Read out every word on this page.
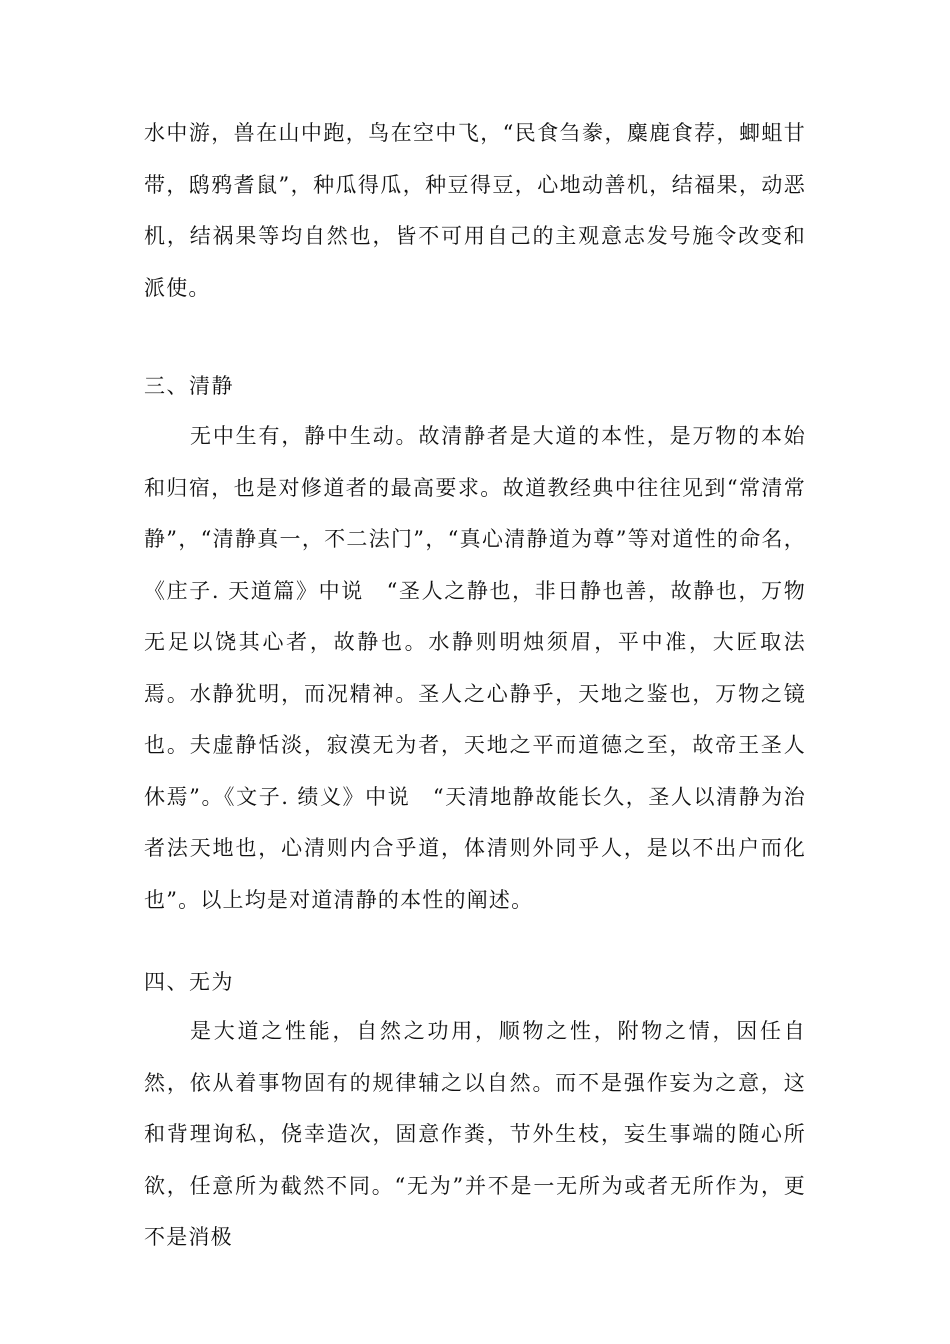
水中游，兽在山中跑，鸟在空中飞，“民食刍豢，麋鹿食荐，蝍蛆甘带，鸱鸦耆鼠”，种瓜得瓜，种豆得豆，心地动善机，结福果，动恶机，结祸果等均自然也，皆不可用自己的主观意志发号施令改变和派使。

三、清静

无中生有，静中生动。故清静者是大道的本性，是万物的本始和归宿，也是对修道者的最高要求。故道教经典中往往见到“常清常静”，“清静真一，不二法门”，“真心清静道为尊”等对道性的命名，《庄子. 天道篇》中说　“圣人之静也，非日静也善，故静也，万物无足以饶其心者，故静也。水静则明烛须眉，平中准，大匠取法焉。水静犹明，而况精神。圣人之心静乎，天地之鉴也，万物之镜也。夫虚静恬淡，寂漠无为者，天地之平而道德之至，故帝王圣人休焉”。《文子. 绩义》中说　“天清地静故能长久，圣人以清静为治者法天地也，心清则内合乎道，体清则外同乎人，是以不出户而化也”。以上均是对道清静的本性的阐述。

四、无为

是大道之性能，自然之功用，顺物之性，附物之情，因任自然，依从着事物固有的规律辅之以自然。而不是强作妄为之意，这和背理询私，侥幸造次，固意作粪，节外生枝，妄生事端的随心所欲，任意所为截然不同。“无为”并不是一无所为或者无所作为，更不是消极
